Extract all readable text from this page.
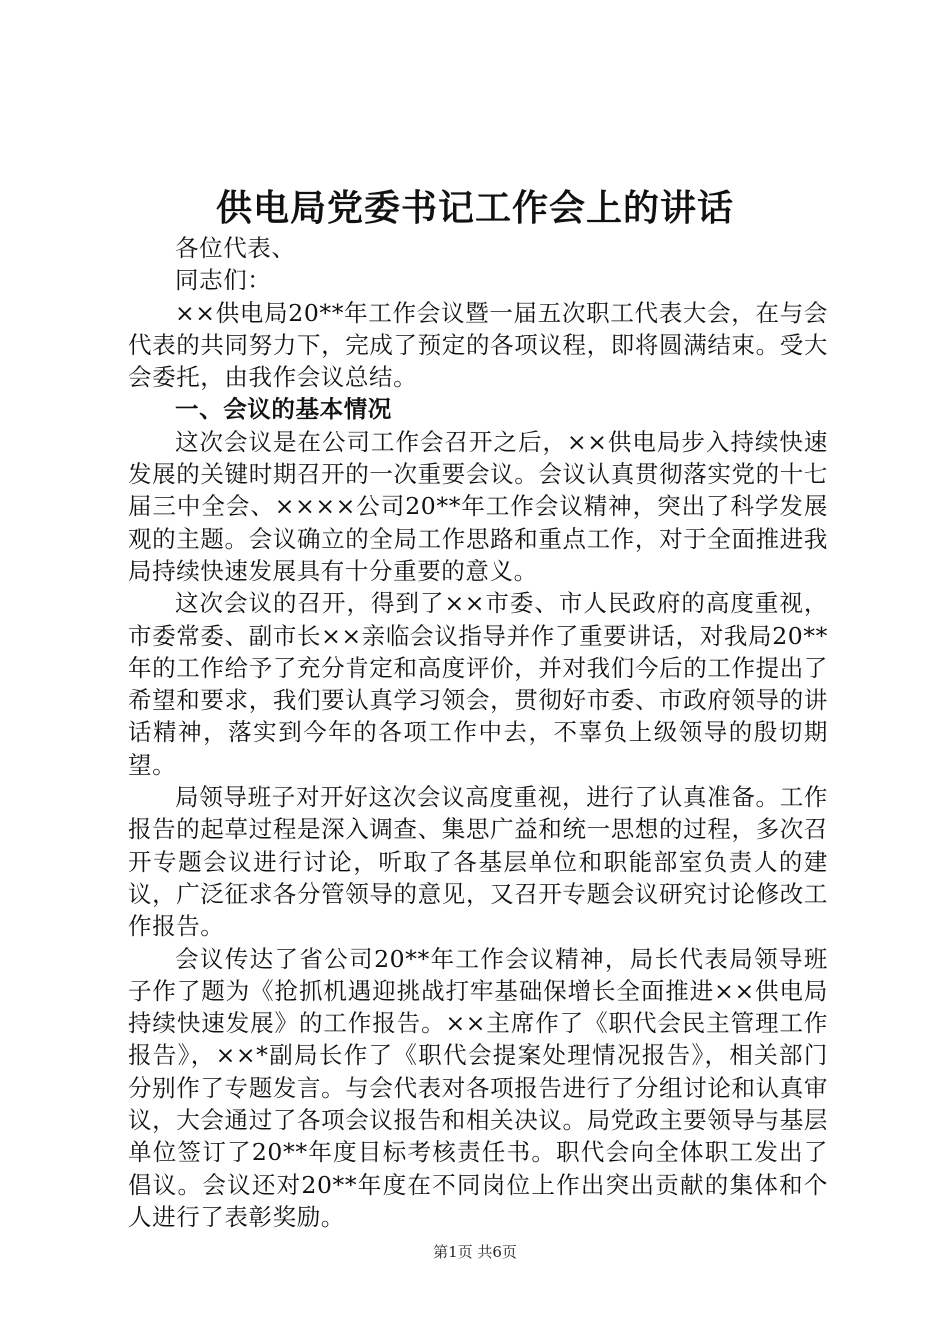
供电局党委书记工作会上的讲话

各位代表、

同志们：

××供电局20**年工作会议暨一届五次职工代表大会，在与会代表的共同努力下，完成了预定的各项议程，即将圆满结束。受大会委托，由我作会议总结。

一、会议的基本情况

这次会议是在公司工作会召开之后，××供电局步入持续快速发展的关键时期召开的一次重要会议。会议认真贯彻落实党的十七届三中全会、××××公司20**年工作会议精神，突出了科学发展观的主题。会议确立的全局工作思路和重点工作，对于全面推进我局持续快速发展具有十分重要的意义。

这次会议的召开，得到了××市委、市人民政府的高度重视，市委常委、副市长××亲临会议指导并作了重要讲话，对我局20**年的工作给予了充分肯定和高度评价，并对我们今后的工作提出了希望和要求，我们要认真学习领会，贯彻好市委、市政府领导的讲话精神，落实到今年的各项工作中去，不辜负上级领导的殷切期望。

局领导班子对开好这次会议高度重视，进行了认真准备。工作报告的起草过程是深入调查、集思广益和统一思想的过程，多次召开专题会议进行讨论，听取了各基层单位和职能部室负责人的建议，广泛征求各分管领导的意见，又召开专题会议研究讨论修改工作报告。

会议传达了省公司20**年工作会议精神，局长代表局领导班子作了题为《抢抓机遇迎挑战打牢基础保增长全面推进××供电局持续快速发展》的工作报告。××主席作了《职代会民主管理工作报告》，××*副局长作了《职代会提案处理情况报告》，相关部门分别作了专题发言。与会代表对各项报告进行了分组讨论和认真审议，大会通过了各项会议报告和相关决议。局党政主要领导与基层单位签订了20**年度目标考核责任书。职代会向全体职工发出了倡议。会议还对20**年度在不同岗位上作出突出贡献的集体和个人进行了表彰奖励。

第1页 共6页
